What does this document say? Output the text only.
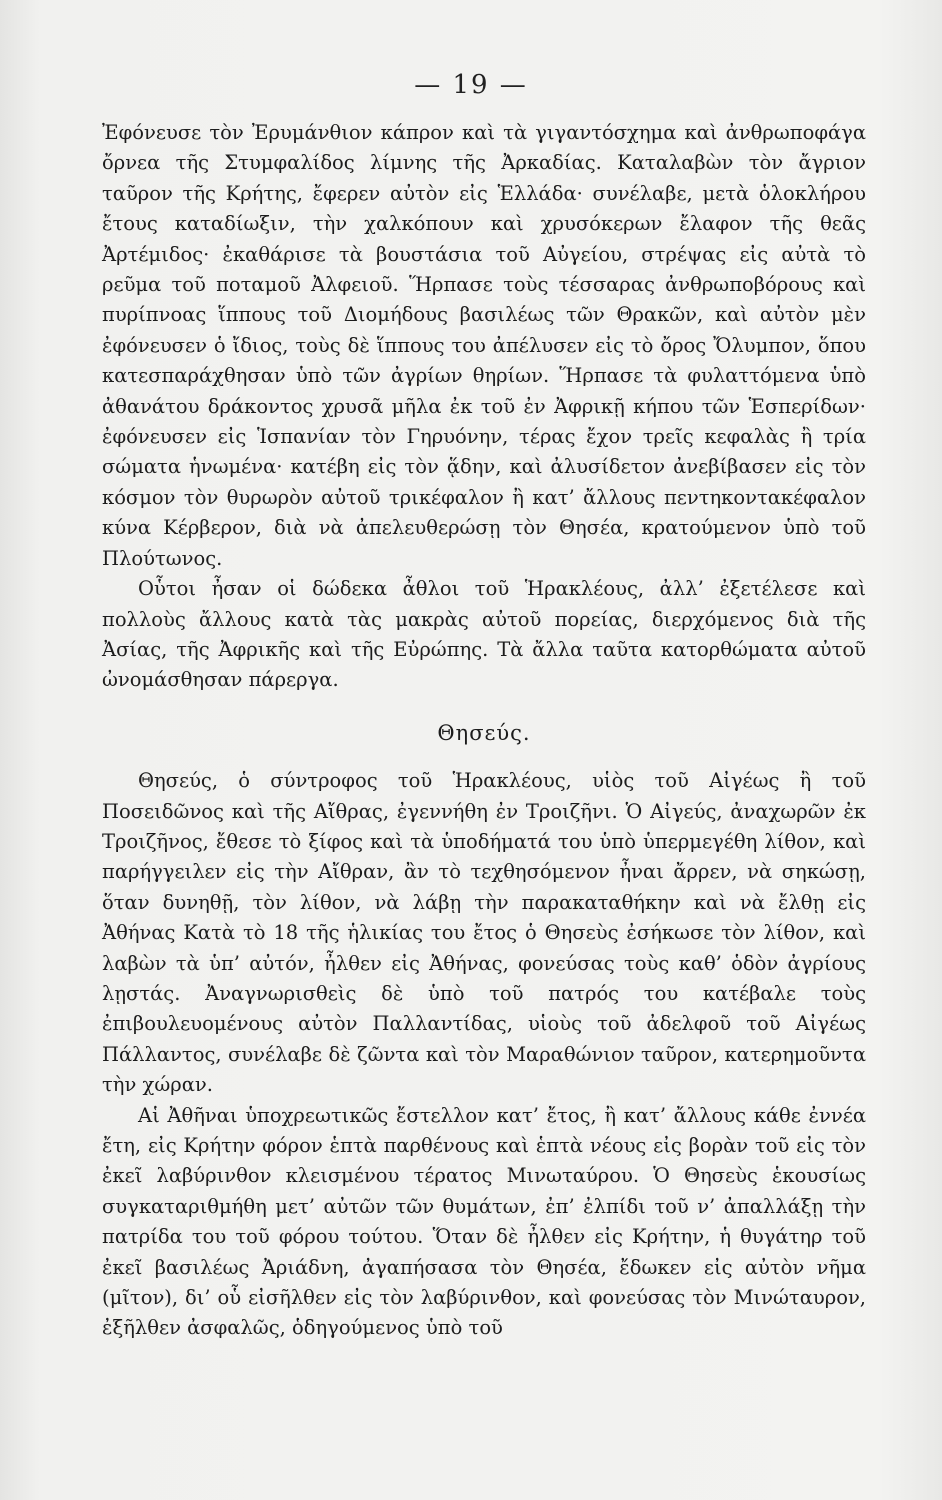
— 19 —

Ἐφόνευσε τὸν Ἐρυμάνθιον κάπρον καὶ τὰ γιγαντόσχημα καὶ ἀνθρωποφάγα ὄρνεα τῆς Στυμφαλίδος λίμνης τῆς Ἀρκαδίας. Καταλαβὼν τὸν ἄγριον ταῦρον τῆς Κρήτης, ἔφερεν αὐτὸν εἰς Ἑλλάδα· συνέλαβε, μετὰ ὁλοκλήρου ἔτους καταδίωξιν, τὴν χαλκόπουν καὶ χρυσόκερων ἔλαφον τῆς θεᾶς Ἀρτέμιδος· ἐκαθάρισε τὰ βουστάσια τοῦ Αὐγείου, στρέψας εἰς αὐτὰ τὸ ρεῦμα τοῦ ποταμοῦ Ἀλφειοῦ. Ἥρπασε τοὺς τέσσαρας ἀνθρωποβόρους καὶ πυρίπνοας ἵππους τοῦ Διομήδους βασιλέως τῶν Θρακῶν, καὶ αὐτὸν μὲν ἐφόνευσεν ὁ ἴδιος, τοὺς δὲ ἵππους του ἀπέλυσεν εἰς τὸ ὄρος Ὄλυμπον, ὅπου κατεσπαράχθησαν ὑπὸ τῶν ἀγρίων θηρίων. Ἥρπασε τὰ φυλαττόμενα ὑπὸ ἀθανάτου δράκοντος χρυσᾶ μῆλα ἐκ τοῦ ἐν Ἀφρικῇ κήπου τῶν Ἑσπερίδων· ἐφόνευσεν εἰς Ἱσπανίαν τὸν Γηρυόνην, τέρας ἔχον τρεῖς κεφαλὰς ἢ τρία σώματα ἡνωμένα· κατέβη εἰς τὸν ᾅδην, καὶ ἀλυσίδετον ἀνεβίβασεν εἰς τὸν κόσμον τὸν θυρωρὸν αὐτοῦ τρικέφαλον ἢ κατ’ ἄλλους πεντηκοντακέφαλον κύνα Κέρβερον, διὰ νὰ ἀπελευθερώσῃ τὸν Θησέα, κρατούμενον ὑπὸ τοῦ Πλούτωνος.

Οὗτοι ἦσαν οἱ δώδεκα ἆθλοι τοῦ Ἡρακλέους, ἀλλ’ ἐξετέλεσε καὶ πολλοὺς ἄλλους κατὰ τὰς μακρὰς αὐτοῦ πορείας, διερχόμενος διὰ τῆς Ἀσίας, τῆς Ἀφρικῆς καὶ τῆς Εὐρώπης. Τὰ ἄλλα ταῦτα κατορθώματα αὐτοῦ ὠνομάσθησαν πάρεργα.

Θησεύς.

Θησεύς, ὁ σύντροφος τοῦ Ἡρακλέους, υἱὸς τοῦ Αἰγέως ἢ τοῦ Ποσειδῶνος καὶ τῆς Αἴθρας, ἐγεννήθη ἐν Τροιζῆνι. Ὁ Αἰγεύς, ἀναχωρῶν ἐκ Τροιζῆνος, ἔθεσε τὸ ξίφος καὶ τὰ ὑποδήματά του ὑπὸ ὑπερμεγέθη λίθον, καὶ παρήγγειλεν εἰς τὴν Αἴθραν, ἂν τὸ τεχθησόμενον ἦναι ἄρρεν, νὰ σηκώσῃ, ὅταν δυνηθῇ, τὸν λίθον, νὰ λάβῃ τὴν παρακαταθήκην καὶ νὰ ἔλθῃ εἰς Ἀθήνας Κατὰ τὸ 18 τῆς ἡλικίας του ἔτος ὁ Θησεὺς ἐσήκωσε τὸν λίθον, καὶ λαβὼν τὰ ὑπ’ αὐτόν, ἦλθεν εἰς Ἀθήνας, φονεύσας τοὺς καθ’ ὁδὸν ἀγρίους λῃστάς. Ἀναγνωρισθεὶς δὲ ὑπὸ τοῦ πατρός του κατέβαλε τοὺς ἐπιβουλευομένους αὐτὸν Παλλαντίδας, υἱοὺς τοῦ ἀδελφοῦ τοῦ Αἰγέως Πάλλαντος, συνέλαβε δὲ ζῶντα καὶ τὸν Μαραθώνιον ταῦρον, κατερημοῦντα τὴν χώραν.

Αἱ Ἀθῆναι ὑποχρεωτικῶς ἔστελλον κατ’ ἔτος, ἢ κατ’ ἄλλους κάθε ἐννέα ἔτη, εἰς Κρήτην φόρον ἑπτὰ παρθένους καὶ ἑπτὰ νέους εἰς βορὰν τοῦ εἰς τὸν ἐκεῖ λαβύρινθον κλεισμένου τέρατος Μινωταύρου. Ὁ Θησεὺς ἑκουσίως συγκαταριθμήθη μετ’ αὐτῶν τῶν θυμάτων, ἐπ’ ἐλπίδι τοῦ ν’ ἀπαλλάξῃ τὴν πατρίδα του τοῦ φόρου τούτου. Ὅταν δὲ ἦλθεν εἰς Κρήτην, ἡ θυγάτηρ τοῦ ἐκεῖ βασιλέως Ἀριάδνη, ἀγαπήσασα τὸν Θησέα, ἔδωκεν εἰς αὐτὸν νῆμα (μῖτον), δι’ οὗ εἰσῆλθεν εἰς τὸν λαβύρινθον, καὶ φονεύσας τὸν Μινώταυρον, ἐξῆλθεν ἀσφαλῶς, ὁδηγούμενος ὑπὸ τοῦ
